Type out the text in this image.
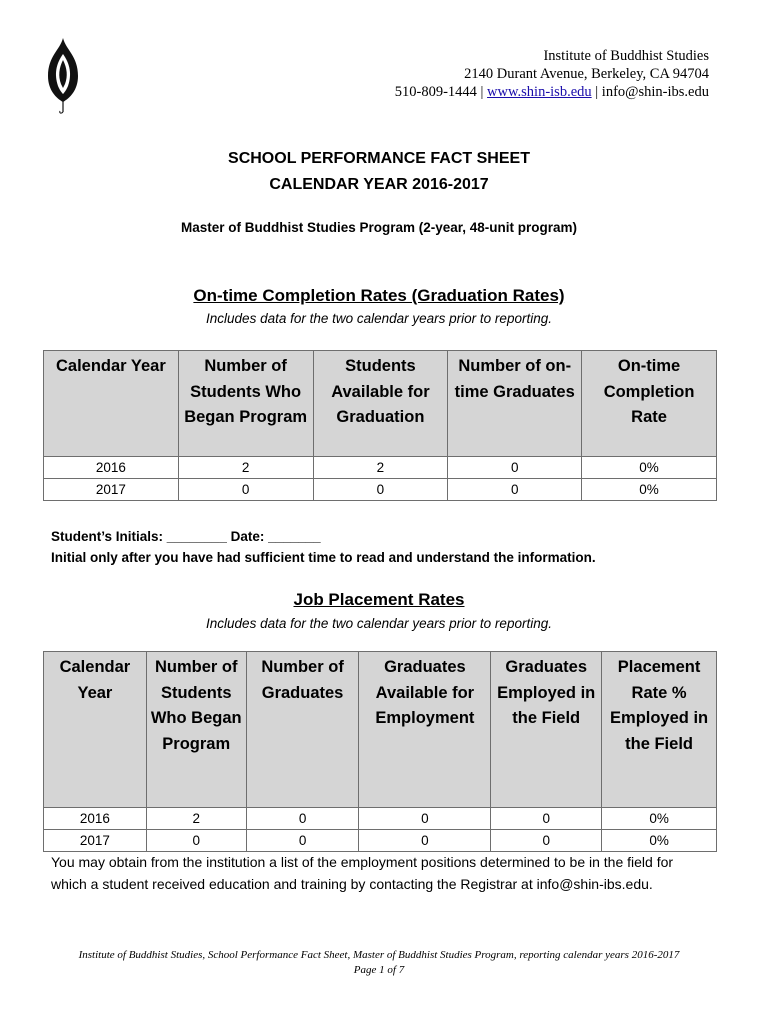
Institute of Buddhist Studies
2140 Durant Avenue, Berkeley, CA 94704
510-809-1444 | www.shin-isb.edu | info@shin-ibs.edu
SCHOOL PERFORMANCE FACT SHEET
CALENDAR YEAR 2016-2017
Master of Buddhist Studies Program (2-year, 48-unit program)
On-time Completion Rates (Graduation Rates)
Includes data for the two calendar years prior to reporting.
Calendar Year	Number of Students Who Began Program	Students Available for Graduation	Number of on-time Graduates	On-time Completion Rate
2016	2	2	0	0%
2017	0	0	0	0%
Student’s Initials: ________ Date: _______
Initial only after you have had sufficient time to read and understand the information.
Job Placement Rates
Includes data for the two calendar years prior to reporting.
Calendar Year	Number of Students Who Began Program	Number of Graduates	Graduates Available for Employment	Graduates Employed in the Field	Placement Rate % Employed in the Field
2016	2	0	0	0	0%
2017	0	0	0	0	0%
You may obtain from the institution a list of the employment positions determined to be in the field for which a student received education and training by contacting the Registrar at info@shin-ibs.edu.
Institute of Buddhist Studies, School Performance Fact Sheet, Master of Buddhist Studies Program, reporting calendar years 2016-2017
Page 1 of 7
